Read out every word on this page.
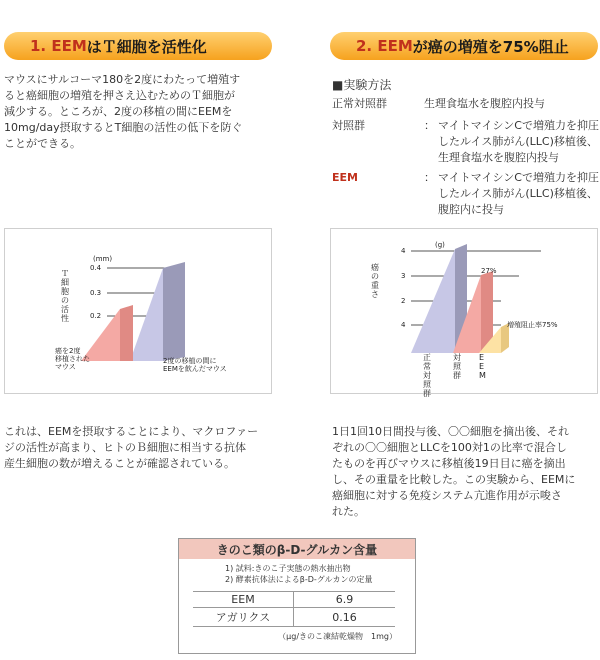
1.
EEM はＴ細胞を活性化
マウスにサルコーマ180を2度にわたって増殖す
ると癌細胞の増殖を押さえ込むためのＴ細胞が
減少する。ところが、2度の移植の間にEEMを
10mg/day摂取するとT細胞の活性の低下を防ぐ
ことができる。
(mm)
0.4
0.3
0.2
Ｔ細胞の活性
癌を2度
移植された
マウス
2度の移植の間に
EEMを飲んだマウス
これは、EEMを摂取することにより、マクロファー
ジの活性が高まり、ヒトのＢ細胞に相当する抗体
産生細胞の数が増えることが確認されている。
2.
EEM が癌の増殖を75%阻止
■実験方法
正常対照群	生理食塩水を腹腔内投与
対照群	： マイトマイシンCで増殖力を抑圧
したルイス肺がん(LLC)移植後、
生理食塩水を腹腔内投与
EEM	： マイトマイシンCで増殖力を抑圧
したルイス肺がん(LLC)移植後、
腹腔内に投与
(g)
4
3
2
4
癌の重さ
27%
増殖阻止率75%
正常対照群
対照群
EEM
1日1回10日間投与後、〇〇細胞を摘出後、それ
ぞれの〇〇細胞とLLCを100対1の比率で混合し
たものを再びマウスに移植後19日目に癌を摘出
し、その重量を比較した。この実験から、EEMに
癌細胞に対する免疫システム亢進作用が示唆さ
れた。
きのこ類のβ-D-グルカン含量
1) 試料:きのこ子実態の熱水抽出物
2) 酵素抗体法によるβ-D-グルカンの定量
EEM	6.9
アガリクス	0.16
（μg/きのこ凍結乾燥物　1mg）
